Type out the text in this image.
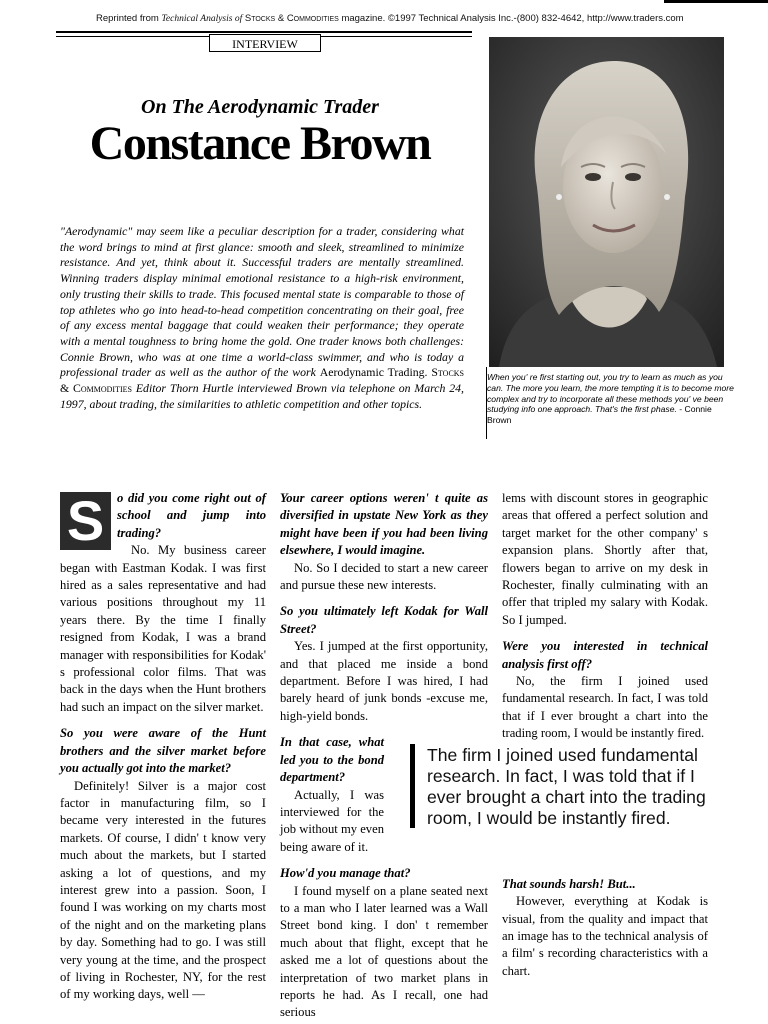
Reprinted from Technical Analysis of Stocks & Commodities magazine. ©1997 Technical Analysis Inc.-(800) 832-4642, http://www.traders.com
INTERVIEW
On The Aerodynamic Trader
Constance Brown
"Aerodynamic" may seem like a peculiar description for a trader, considering what the word brings to mind at first glance: smooth and sleek, streamlined to minimize resistance. And yet, think about it. Successful traders are mentally streamlined. Winning traders display minimal emotional resistance to a high-risk environment, only trusting their skills to trade. This focused mental state is comparable to those of top athletes who go into head-to-head competition concentrating on their goal, free of any excess mental baggage that could weaken their performance; they operate with a mental toughness to bring home the gold. One trader knows both challenges: Connie Brown, who was at one time a world-class swimmer, and who is today a professional trader as well as the author of the work Aerodynamic Trading. Stocks & Commodities Editor Thorn Hurtle interviewed Brown via telephone on March 24, 1997, about trading, the similarities to athletic competition and other topics.
When you' re first starting out, you try to learn as much as you can. The more you learn, the more tempting it is to become more complex and try to incorporate all these methods you' ve been studying info one approach. That's the first phase. - Connie Brown
S	o did you come right out of school and jump into trading?

No. My business career began with Eastman Kodak. I was first hired as a sales representative and had various positions throughout my 11 years there. By the time I finally resigned from Kodak, I was a brand manager with responsibilities for Kodak' s professional color films. That was back in the days when the Hunt brothers had such an impact on the silver market.

So you were aware of the Hunt brothers and the silver market before you actually got into the market?

Definitely! Silver is a major cost factor in manufacturing film, so I became very interested in the futures markets. Of course, I didn' t know very much about the markets, but I started asking a lot of questions, and my interest grew into a passion. Soon, I found I was working on my charts most of the night and on the marketing plans by day. Something had to go. I was still very young at the time, and the prospect of living in Rochester, NY, for the rest of my working days, well —

Your career options weren' t quite as diversified in upstate New York as they might have been if you had been living elsewhere, I would imagine.

No. So I decided to start a new career and pursue these new interests.

So you ultimately left Kodak for Wall Street?

Yes. I jumped at the first opportunity, and that placed me inside a bond department. Before I was hired, I had barely heard of junk bonds -excuse me, high-yield bonds.

In that case, what led you to the bond department?

Actually, I was interviewed for the job without my even being aware of it.

How'd you manage that?

I found myself on a plane seated next to a man who I later learned was a Wall Street bond king. I don' t remember much about that flight, except that he asked me a lot of questions about the interpretation of two market plans in reports he had. As I recall, one had serious

lems with discount stores in geographic areas that offered a perfect solution and target market for the other company' s expansion plans. Shortly after that, flowers began to arrive on my desk in Rochester, finally culminating with an offer that tripled my salary with Kodak. So I jumped.

Were you interested in technical analysis first off?

No, the firm I joined used fundamental research. In fact, I was told that if I ever brought a chart into the trading room, I would be instantly fired.

That sounds harsh! But...

However, everything at Kodak is visual, from the quality and impact that an image has to the technical analysis of a film' s recording characteristics with a chart.

The firm I joined used fundamental research. In fact, I was told that if I ever brought a chart into the trading room, I would be instantly fired.
